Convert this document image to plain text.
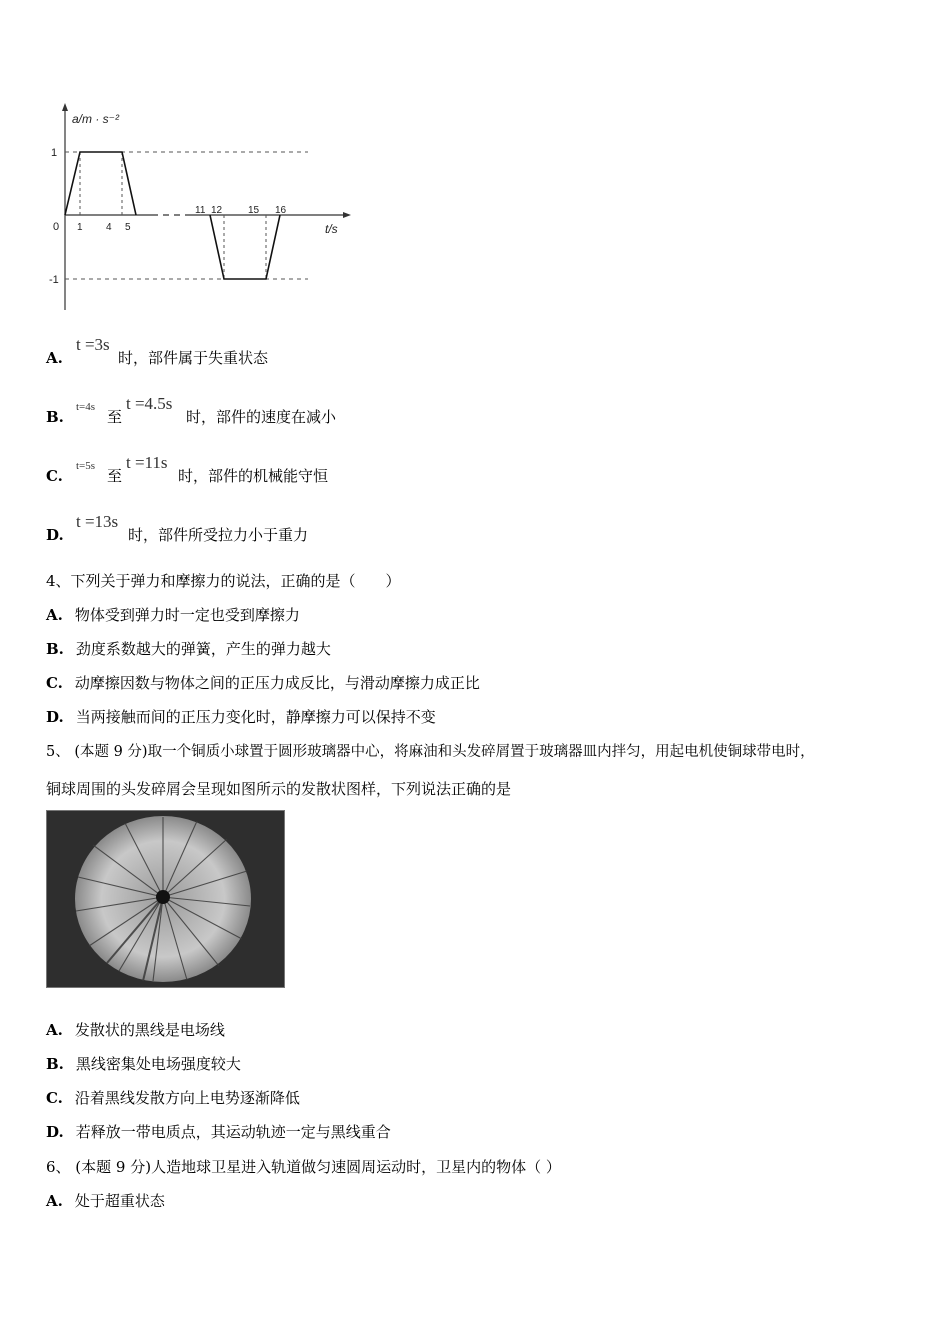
a/m · s⁻²
1
0
-1
1 4 5
11 12	15 16
t/s
A.
t =3s
时，部件属于失重状态
B.
t=4s
至
t =4.5s
时，部件的速度在减小
C.
t=5s
至
t =11s
时，部件的机械能守恒
D.
t =13s
时，部件所受拉力小于重力
4、下列关于弹力和摩擦力的说法，正确的是（　　）
A. 物体受到弹力时一定也受到摩擦力
B. 劲度系数越大的弹簧，产生的弹力越大
C. 动摩擦因数与物体之间的正压力成反比，与滑动摩擦力成正比
D. 当两接触而间的正压力变化时，静摩擦力可以保持不变
5、 (本题 9 分)取一个铜质小球置于圆形玻璃器中心，将麻油和头发碎屑置于玻璃器皿内拌匀，用起电机使铜球带电时，
铜球周围的头发碎屑会呈现如图所示的发散状图样，下列说法正确的是
A. 发散状的黑线是电场线
B. 黑线密集处电场强度较大
C. 沿着黑线发散方向上电势逐渐降低
D. 若释放一带电质点，其运动轨迹一定与黑线重合
6、 (本题 9 分)人造地球卫星进入轨道做匀速圆周运动时，卫星内的物体（ ）
A. 处于超重状态
